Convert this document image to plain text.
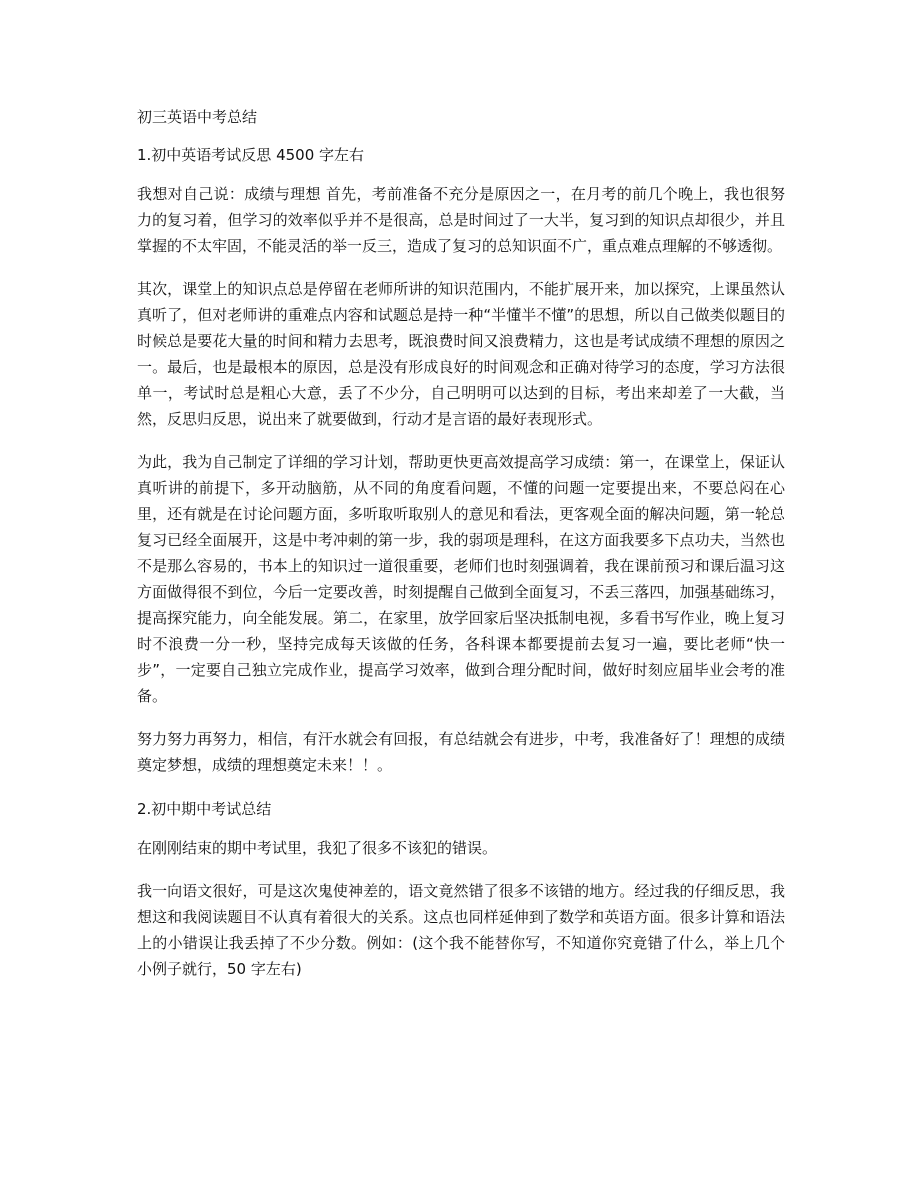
初三英语中考总结
1.初中英语考试反思 4500 字左右

我想对自己说：成绩与理想 首先，考前准备不充分是原因之一，在月考的前几个晚上，我也很努力的复习着，但学习的效率似乎并不是很高，总是时间过了一大半，复习到的知识点却很少，并且掌握的不太牢固，不能灵活的举一反三，造成了复习的总知识面不广，重点难点理解的不够透彻。

其次，课堂上的知识点总是停留在老师所讲的知识范围内，不能扩展开来，加以探究，上课虽然认真听了，但对老师讲的重难点内容和试题总是持一种“半懂半不懂”的思想，所以自己做类似题目的时候总是要花大量的时间和精力去思考，既浪费时间又浪费精力，这也是考试成绩不理想的原因之一。最后，也是最根本的原因，总是没有形成良好的时间观念和正确对待学习的态度，学习方法很单一，考试时总是粗心大意，丢了不少分，自己明明可以达到的目标，考出来却差了一大截，当然，反思归反思，说出来了就要做到，行动才是言语的最好表现形式。

为此，我为自己制定了详细的学习计划，帮助更快更高效提高学习成绩：第一，在课堂上，保证认真听讲的前提下，多开动脑筋，从不同的角度看问题，不懂的问题一定要提出来，不要总闷在心里，还有就是在讨论问题方面，多听取听取别人的意见和看法，更客观全面的解决问题，第一轮总复习已经全面展开，这是中考冲刺的第一步，我的弱项是理科，在这方面我要多下点功夫，当然也不是那么容易的，书本上的知识过一道很重要，老师们也时刻强调着，我在课前预习和课后温习这方面做得很不到位，今后一定要改善，时刻提醒自己做到全面复习，不丢三落四，加强基础练习，提高探究能力，向全能发展。第二，在家里，放学回家后坚决抵制电视，多看书写作业，晚上复习时不浪费一分一秒，坚持完成每天该做的任务，各科课本都要提前去复习一遍，要比老师“快一步”，一定要自己独立完成作业，提高学习效率，做到合理分配时间，做好时刻应届毕业会考的准备。

努力努力再努力，相信，有汗水就会有回报，有总结就会有进步，中考，我准备好了！理想的成绩奠定梦想，成绩的理想奠定未来！！。

2.初中期中考试总结

在刚刚结束的期中考试里，我犯了很多不该犯的错误。

我一向语文很好，可是这次鬼使神差的，语文竟然错了很多不该错的地方。经过我的仔细反思，我想这和我阅读题目不认真有着很大的关系。这点也同样延伸到了数学和英语方面。很多计算和语法上的小错误让我丢掉了不少分数。例如：(这个我不能替你写，不知道你究竟错了什么，举上几个小例子就行，50 字左右)
